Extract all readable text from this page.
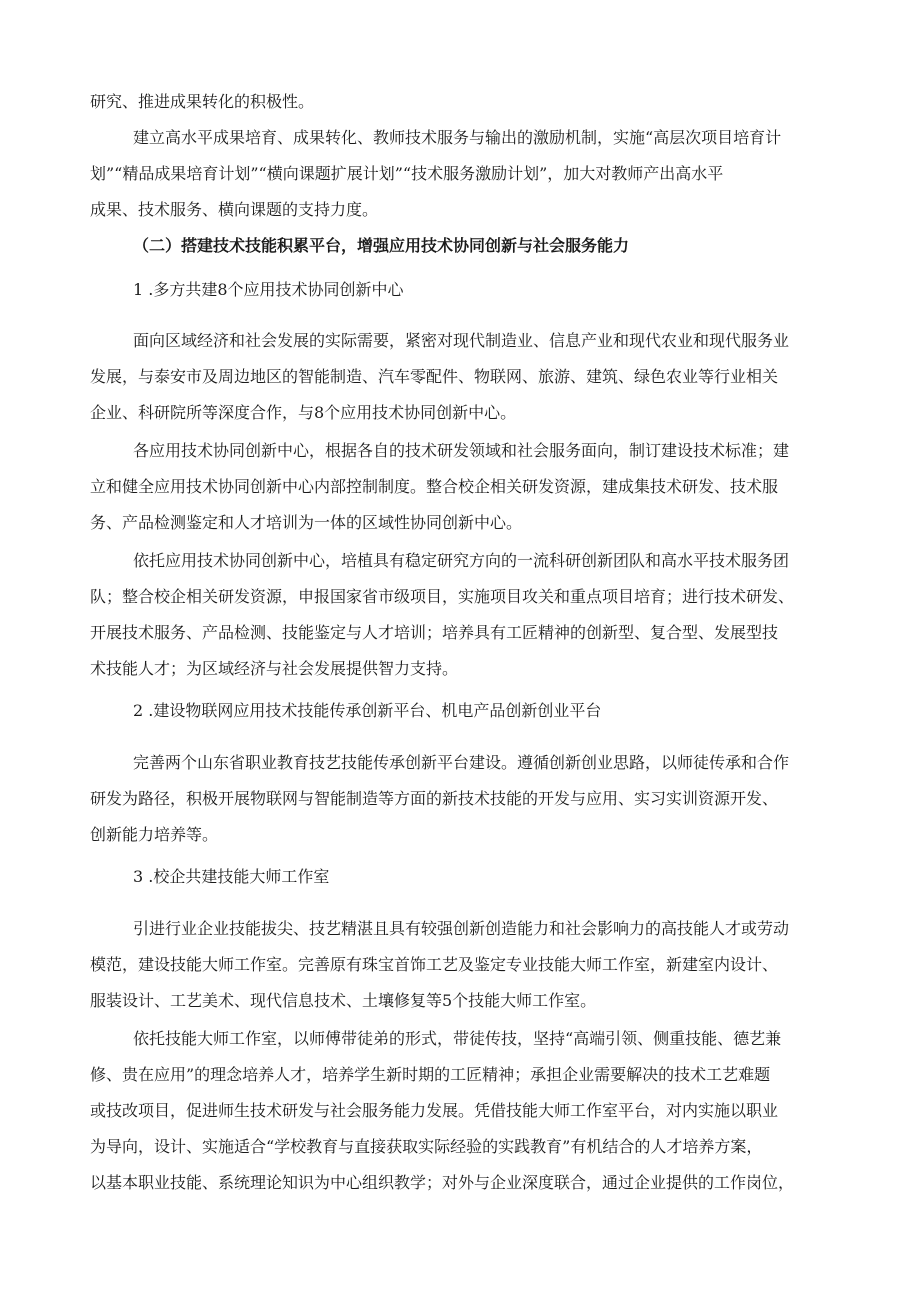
研究、推进成果转化的积极性。
建立高水平成果培育、成果转化、教师技术服务与输出的激励机制，实施“高层次项目培育计
划”“精品成果培育计划”“横向课题扩展计划”“技术服务激励计划”，加大对教师产出高水平
成果、技术服务、横向课题的支持力度。
（二）搭建技术技能积累平台，增强应用技术协同创新与社会服务能力
1 .多方共建8个应用技术协同创新中心
面向区域经济和社会发展的实际需要，紧密对现代制造业、信息产业和现代农业和现代服务业
发展，与泰安市及周边地区的智能制造、汽车零配件、物联网、旅游、建筑、绿色农业等行业相关
企业、科研院所等深度合作，与8个应用技术协同创新中心。
各应用技术协同创新中心，根据各自的技术研发领域和社会服务面向，制订建设技术标准；建
立和健全应用技术协同创新中心内部控制制度。整合校企相关研发资源，建成集技术研发、技术服
务、产品检测鉴定和人才培训为一体的区域性协同创新中心。
依托应用技术协同创新中心，培植具有稳定研究方向的一流科研创新团队和高水平技术服务团
队；整合校企相关研发资源，申报国家省市级项目，实施项目攻关和重点项目培育；进行技术研发、
开展技术服务、产品检测、技能鉴定与人才培训；培养具有工匠精神的创新型、复合型、发展型技
术技能人才；为区域经济与社会发展提供智力支持。
2 .建设物联网应用技术技能传承创新平台、机电产品创新创业平台
完善两个山东省职业教育技艺技能传承创新平台建设。遵循创新创业思路，以师徒传承和合作
研发为路径，积极开展物联网与智能制造等方面的新技术技能的开发与应用、实习实训资源开发、
创新能力培养等。
3 .校企共建技能大师工作室
引进行业企业技能拔尖、技艺精湛且具有较强创新创造能力和社会影响力的高技能人才或劳动
模范，建设技能大师工作室。完善原有珠宝首饰工艺及鉴定专业技能大师工作室，新建室内设计、
服装设计、工艺美术、现代信息技术、土壤修复等5个技能大师工作室。
依托技能大师工作室，以师傅带徒弟的形式，带徒传技，坚持“高端引领、侧重技能、德艺兼
修、贵在应用”的理念培养人才，培养学生新时期的工匠精神；承担企业需要解决的技术工艺难题
或技改项目，促进师生技术研发与社会服务能力发展。凭借技能大师工作室平台，对内实施以职业
为导向，设计、实施适合“学校教育与直接获取实际经验的实践教育”有机结合的人才培养方案，
以基本职业技能、系统理论知识为中心组织教学；对外与企业深度联合，通过企业提供的工作岗位，
